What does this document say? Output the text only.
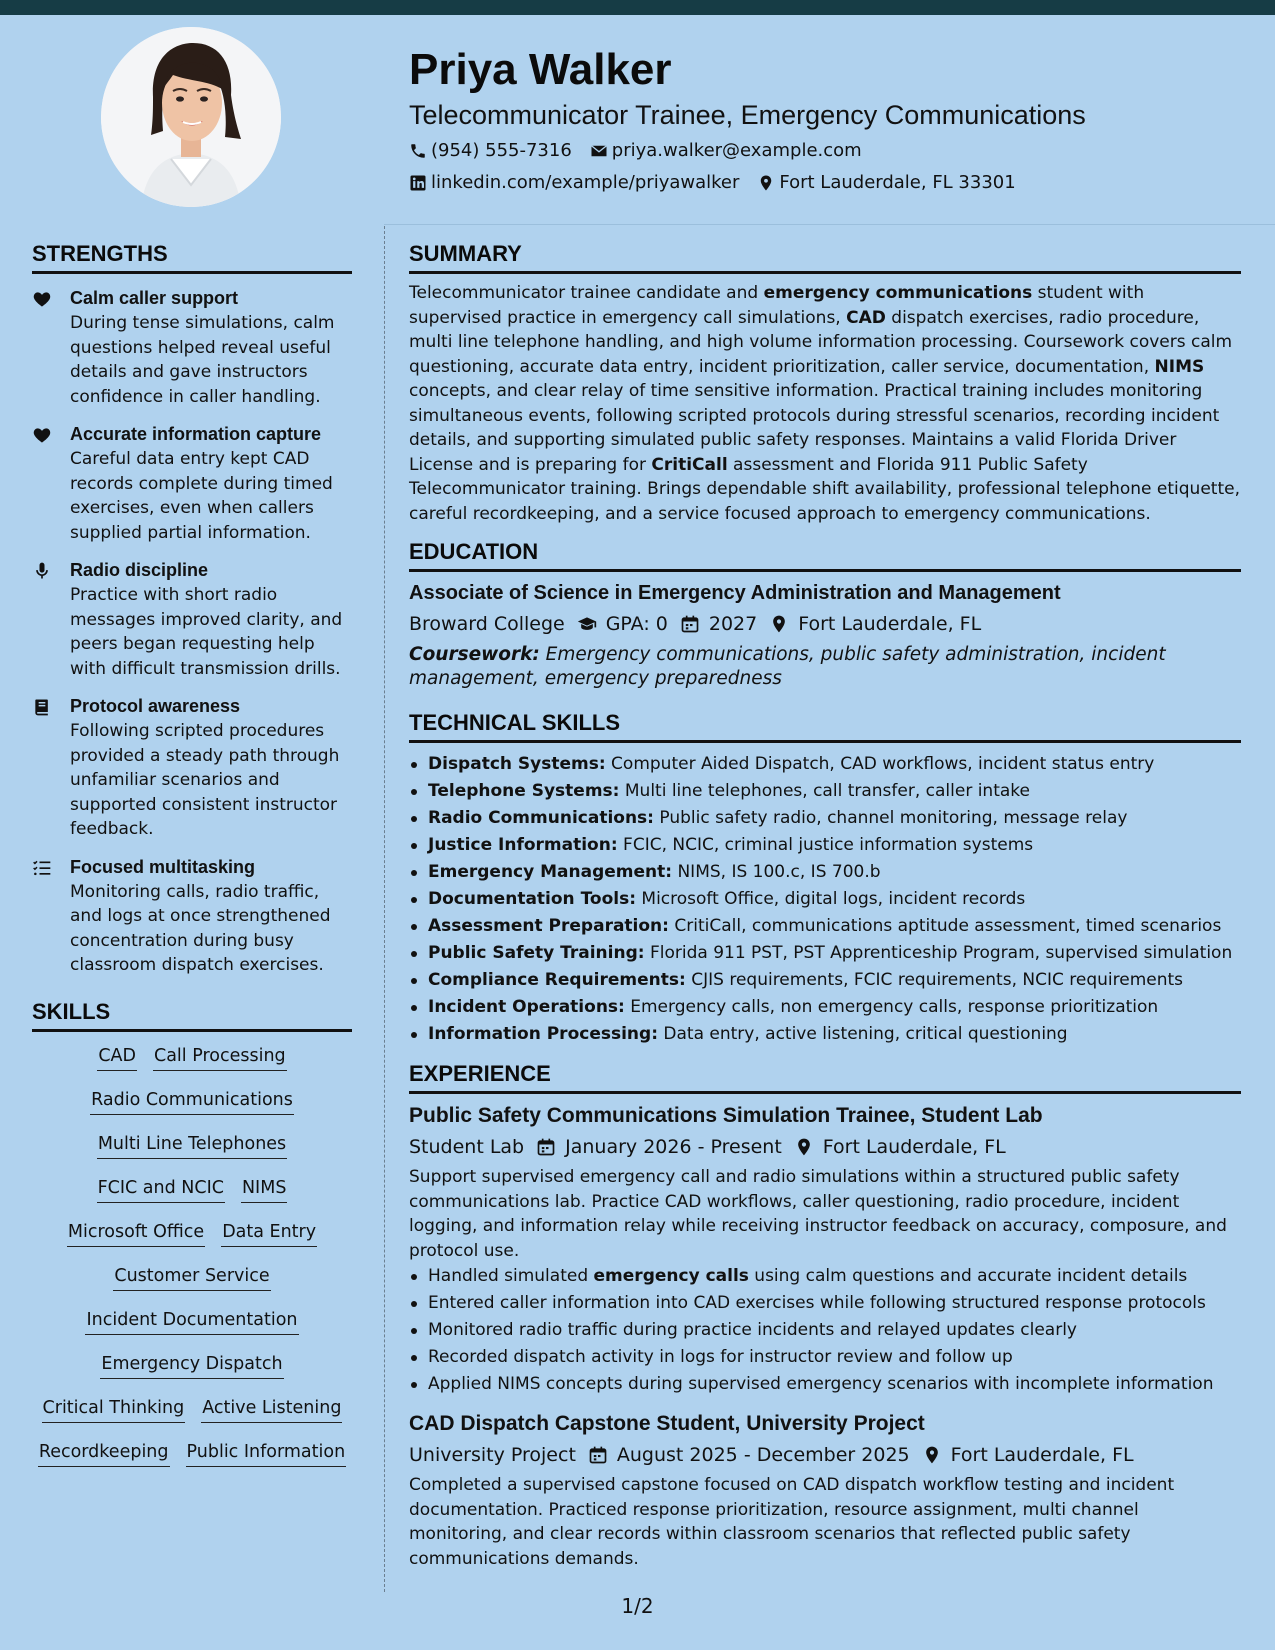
Priya Walker
Telecommunicator Trainee, Emergency Communications
(954) 555-7316 priya.walker@example.com
linkedin.com/example/priyawalker Fort Lauderdale, FL 33301
STRENGTHS
Calm caller support
During tense simulations, calm questions helped reveal useful details and gave instructors confidence in caller handling.
Accurate information capture
Careful data entry kept CAD records complete during timed exercises, even when callers supplied partial information.
Radio discipline
Practice with short radio messages improved clarity, and peers began requesting help with difficult transmission drills.
Protocol awareness
Following scripted procedures provided a steady path through unfamiliar scenarios and supported consistent instructor feedback.
Focused multitasking
Monitoring calls, radio traffic, and logs at once strengthened concentration during busy classroom dispatch exercises.
SKILLS
CAD Call Processing
Radio Communications
Multi Line Telephones
FCIC and NCIC NIMS
Microsoft Office Data Entry
Customer Service
Incident Documentation
Emergency Dispatch
Critical Thinking Active Listening
Recordkeeping Public Information
SUMMARY

Telecommunicator trainee candidate and emergency communications student with supervised practice in emergency call simulations, CAD dispatch exercises, radio procedure, multi line telephone handling, and high volume information processing. Coursework covers calm questioning, accurate data entry, incident prioritization, caller service, documentation, NIMS concepts, and clear relay of time sensitive information. Practical training includes monitoring simultaneous events, following scripted protocols during stressful scenarios, recording incident details, and supporting simulated public safety responses. Maintains a valid Florida Driver License and is preparing for CritiCall assessment and Florida 911 Public Safety Telecommunicator training. Brings dependable shift availability, professional telephone etiquette, careful recordkeeping, and a service focused approach to emergency communications.

EDUCATION
Associate of Science in Emergency Administration and Management
Broward College GPA: 0 2027 Fort Lauderdale, FL
Coursework: Emergency communications, public safety administration, incident management, emergency preparedness
TECHNICAL SKILLS
Dispatch Systems: Computer Aided Dispatch, CAD workflows, incident status entry
Telephone Systems: Multi line telephones, call transfer, caller intake
Radio Communications: Public safety radio, channel monitoring, message relay
Justice Information: FCIC, NCIC, criminal justice information systems
Emergency Management: NIMS, IS 100.c, IS 700.b
Documentation Tools: Microsoft Office, digital logs, incident records
Assessment Preparation: CritiCall, communications aptitude assessment, timed scenarios
Public Safety Training: Florida 911 PST, PST Apprenticeship Program, supervised simulation
Compliance Requirements: CJIS requirements, FCIC requirements, NCIC requirements
Incident Operations: Emergency calls, non emergency calls, response prioritization
Information Processing: Data entry, active listening, critical questioning
EXPERIENCE
Public Safety Communications Simulation Trainee, Student Lab
Student Lab January 2026 - Present Fort Lauderdale, FL

Support supervised emergency call and radio simulations within a structured public safety communications lab. Practice CAD workflows, caller questioning, radio procedure, incident logging, and information relay while receiving instructor feedback on accuracy, composure, and protocol use.

Handled simulated emergency calls using calm questions and accurate incident details
Entered caller information into CAD exercises while following structured response protocols
Monitored radio traffic during practice incidents and relayed updates clearly
Recorded dispatch activity in logs for instructor review and follow up
Applied NIMS concepts during supervised emergency scenarios with incomplete information
CAD Dispatch Capstone Student, University Project
University Project August 2025 - December 2025 Fort Lauderdale, FL

Completed a supervised capstone focused on CAD dispatch workflow testing and incident documentation. Practiced response prioritization, resource assignment, multi channel monitoring, and clear records within classroom scenarios that reflected public safety communications demands.

1/2
